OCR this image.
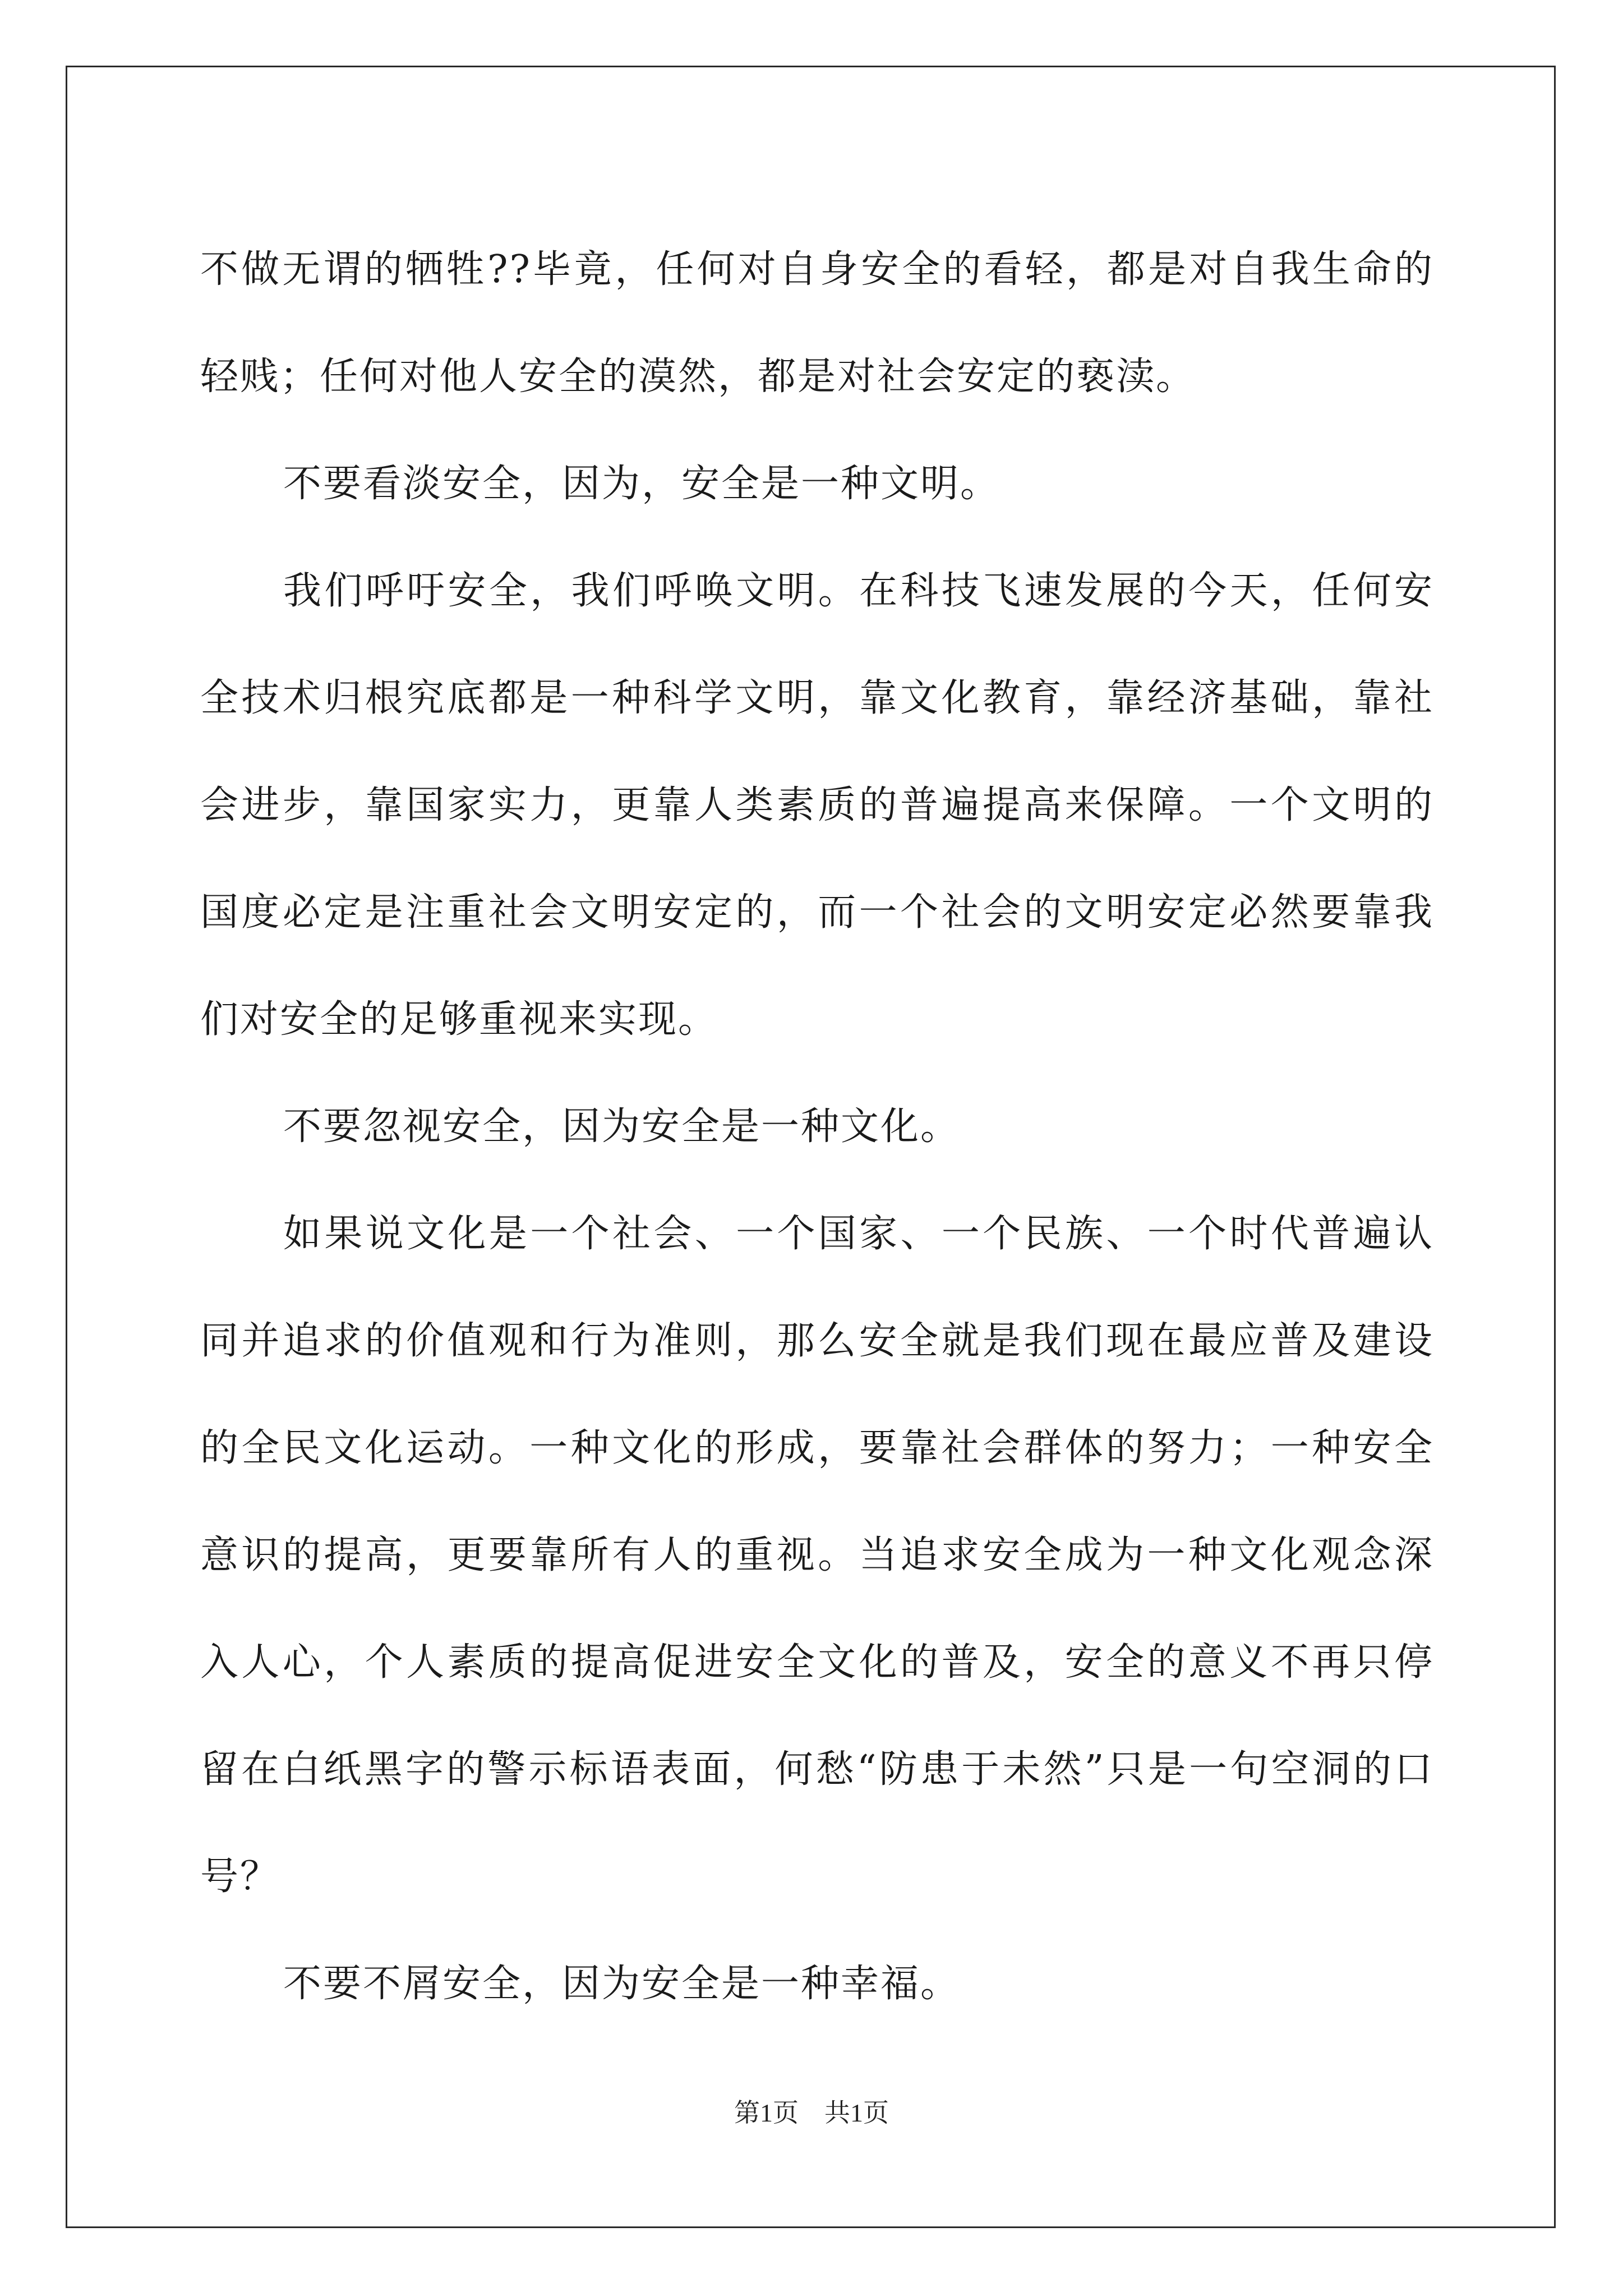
不做无谓的牺牲??毕竟，任何对自身安全的看轻，都是对自我生命的轻贱；任何对他人安全的漠然，都是对社会安定的亵渎。

不要看淡安全，因为，安全是一种文明。

我们呼吁安全，我们呼唤文明。在科技飞速发展的今天，任何安全技术归根究底都是一种科学文明，靠文化教育，靠经济基础，靠社会进步，靠国家实力，更靠人类素质的普遍提高来保障。一个文明的国度必定是注重社会文明安定的，而一个社会的文明安定必然要靠我们对安全的足够重视来实现。

不要忽视安全，因为安全是一种文化。

如果说文化是一个社会、一个国家、一个民族、一个时代普遍认同并追求的价值观和行为准则，那么安全就是我们现在最应普及建设的全民文化运动。一种文化的形成，要靠社会群体的努力；一种安全意识的提高，更要靠所有人的重视。当追求安全成为一种文化观念深入人心，个人素质的提高促进安全文化的普及，安全的意义不再只停留在白纸黑字的警示标语表面，何愁“防患于未然”只是一句空洞的口号？

不要不屑安全，因为安全是一种幸福。

第1页　共1页
